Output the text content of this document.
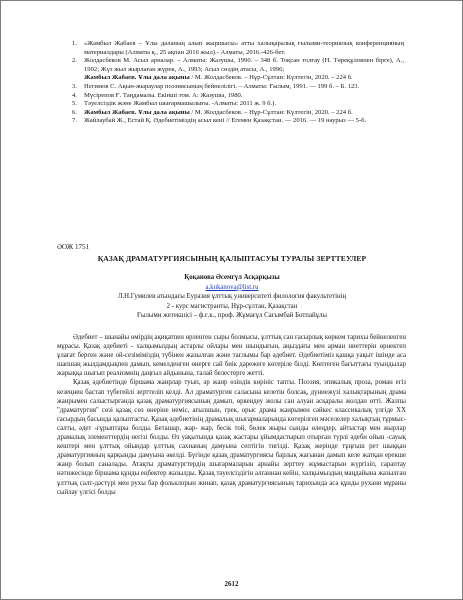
1. «Жамбыл Жабаев – Ұлы даланың алып жыршысы» атты халықаралық ғылыми-теориялық конференцияның материалдары (Алматы қ., 25 ақпан 2016 жыл).- Алматы, 2016.-426-бет.
2. Жолдасбеков М. Асыл арналар. – Алматы: Жазушы, 1990. – 348 б. Тоқсан толғау (Н. Төреқұловпен бірге), А., 1992; Жүз жыл жырлаған жүрек, А., 1993; Асыл сөздің атасы, А., 1996;
Жамбыл Жабаев. Ұлы дала ақыны / М. Жолдасбеков. – Нұр-Сұлтан: Күлтегін, 2020. – 224 б.
3. Негимов С. Ақын-жыраулар поэзиясының бейнелілігі. – Алматы: Ғылым, 1991. — 199 б. – Б. 123.
4. Мүсірепов Ғ. Таңдамалы. Екінші том. А: Жазушы, 1980.
5. Тәуелсіздік және Жамбыл шығармашылығы. -Алматы: 2011 ж. 9 б.).
6. Жамбыл Жабаев. Ұлы дала ақыны / М. Жолдасбеков. – Нұр-Сұлтан: Күлтегін, 2020. – 224 б.
7. Жайлаубай Ж., Естай Қ. Әдебиетіміздің асыл кені // Егемен Қазақстан. — 2016. — 19 наурыз — 5-б.
ӘОЖ 1751
ҚАЗАҚ ДРАМАТУРГИЯСЫНЫҢ ҚАЛЫПТАСУЫ ТУРАЛЫ ЗЕРТТЕУЛЕР
Қоқанова Әсемгүл Асқарқызы
a.kukanova@list.ru
Л.Н.Гумилев атындағы Еуразия ұлттық университеті филология факультетінің
2 - курс магистранты, Нұр-сұлтан, Қазақстан
Ғылыми жетекшісі – ф.ғ.к., проф. Жұмағұл Сағымбай Ботпайұлы

Әдебиет – шынайы өмірдің ақиқатпен өрленген сыры болмысы, ұлттық сан ғасырлық көркем тарихы бейнеленген мұрасы. Қазақ әдебиеті - халқымыздың астарлы ойлары мен шындығын, аңыздағы мен арман ниеттерін өрнектеп ұлағат берген және ой-сезіміміздің түбінен жазылған және тағлымы бар әдебиет. Әдебиетіміз қашқа уақыт ішінде аса шапшаң жылдамдықпен дамып, кемелденген өнерге сай биік дәрежеге көтеріле білді. Көптеген бағыттағы туындылар жарыққа шығып реализмнің даңғыл айдынына, талай белестерге жетті.

Қазақ әдебиетінде біршама жанрлар туып, әр жанр өзіндік көрініс тапты. Поэзия, эпикалық проза, роман егіз кезеңнен бастап түбегейлі зерттеліп келді. Ал драматургия саласына келетін болсақ, дүниежүзі халықтарының драма жанрымен салыстырғанда қазақ драматургиясының дамып, өркендеу жолы сан алуан асқаралы жолдан өтті. Жалпы "драматургия" сөзі қазақ сөз өнеріне неміс, ағылшын, грек, орыс драма жанрымен сәйкес классикалық үлгіде ХХ ғасырдың басында қалыптасты. Қазақ әдебиетінің драмалық шығармаларында көтерілген мәселелер халықтың тұрмыс-салты, әдет -ғұрыптары болды. Беташар, жар- жар, бесік той, бөлек жыры сынды өлеңдер, айтыстар мен жырлар драмалық элементтердің негізі болды. Өз уақытында қазақ жастары ұйымдастырып отырған түрлі әдеби ойын -сауық кештері мен ұлттық ойындар ұлттық сахнаның дамуына септігін тигізді. Қазақ жерінде тұңғыш рет шыққан драматургияның қарқынды дамуына әкелді. Бүгінде қазақ драматургиясы барлық жағынан дамып келе жатқан ерекше жанр болып саналады. Атақты драматургтердің шығармаларын арнайы зерттеу жұмыстарын жүргізіп, сараптау нәтижесінде біршама құнды еңбектер жазылды. Қазақ тәуелсіздігін алғаннан кейін, халқымыздың маңдайына жазылған ұлттық салт-дәстүрі мен рухы бар фольклорын жинап, қазақ драматургиясының тарихында аса құнды рухани мұраны сыйлау үлгісі болды

2612
